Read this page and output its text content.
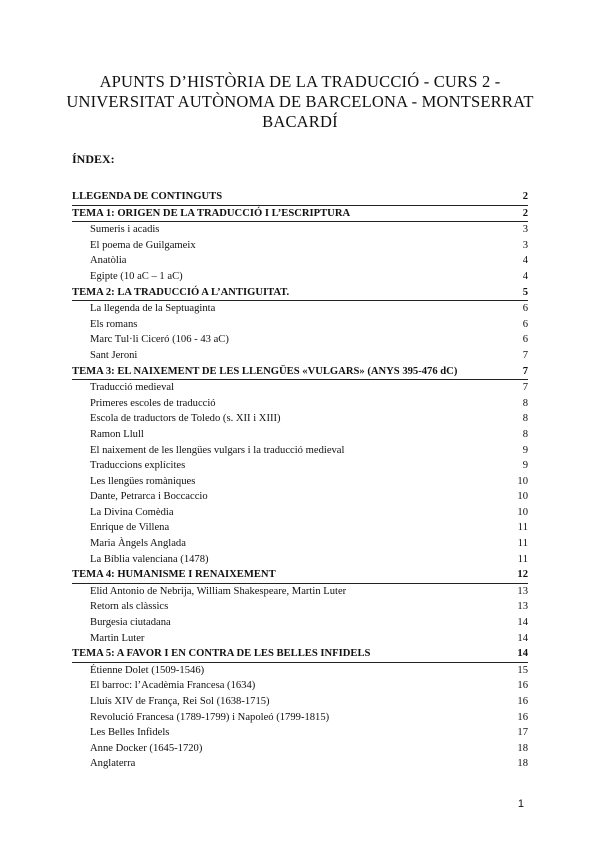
APUNTS D’HISTÒRIA DE LA TRADUCCIÓ - CURS 2 -
UNIVERSITAT AUTÒNOMA DE BARCELONA - MONTSERRAT
BACARDÍ
ÍNDEX:
LLEGENDA DE CONTINGUTS	2
TEMA 1: ORIGEN DE LA TRADUCCIÓ I L’ESCRIPTURA	2
Sumeris i acadis	3
El poema de Guilgameix	3
Anatòlia	4
Egipte (10 aC – 1 aC)	4
TEMA 2: LA TRADUCCIÓ A L’ANTIGUITAT.	5
La llegenda de la Septuaginta	6
Els romans	6
Marc Tul·li Ciceró (106 - 43 aC)	6
Sant Jeroni	7
TEMA 3: EL NAIXEMENT DE LES LLENGÜES «VULGARS» (ANYS 395-476 dC)	7
Traducció medieval	7
Primeres escoles de traducció	8
Escola de traductors de Toledo (s. XII i XIII)	8
Ramon Llull	8
El naixement de les llengües vulgars i la traducció medieval	9
Traduccions explícites	9
Les llengües romàniques	10
Dante, Petrarca i Boccaccio	10
La Divina Comèdia	10
Enrique de Villena	11
Maria Àngels Anglada	11
La Bíblia valenciana (1478)	11
TEMA 4: HUMANISME I RENAIXEMENT	12
Elid Antonio de Nebrija, William Shakespeare, Martin Luter	13
Retorn als clàssics	13
Burgesia ciutadana	14
Martin Luter	14
TEMA 5: A FAVOR I EN CONTRA DE LES BELLES INFIDELS	14
Étienne Dolet (1509-1546)	15
El barroc: l’Acadèmia Francesa (1634)	16
Lluís XIV de França, Rei Sol (1638-1715)	16
Revolució Francesa (1789-1799) i Napoleó (1799-1815)	16
Les Belles Infidels	17
Anne Docker (1645-1720)	18
Anglaterra	18
1
